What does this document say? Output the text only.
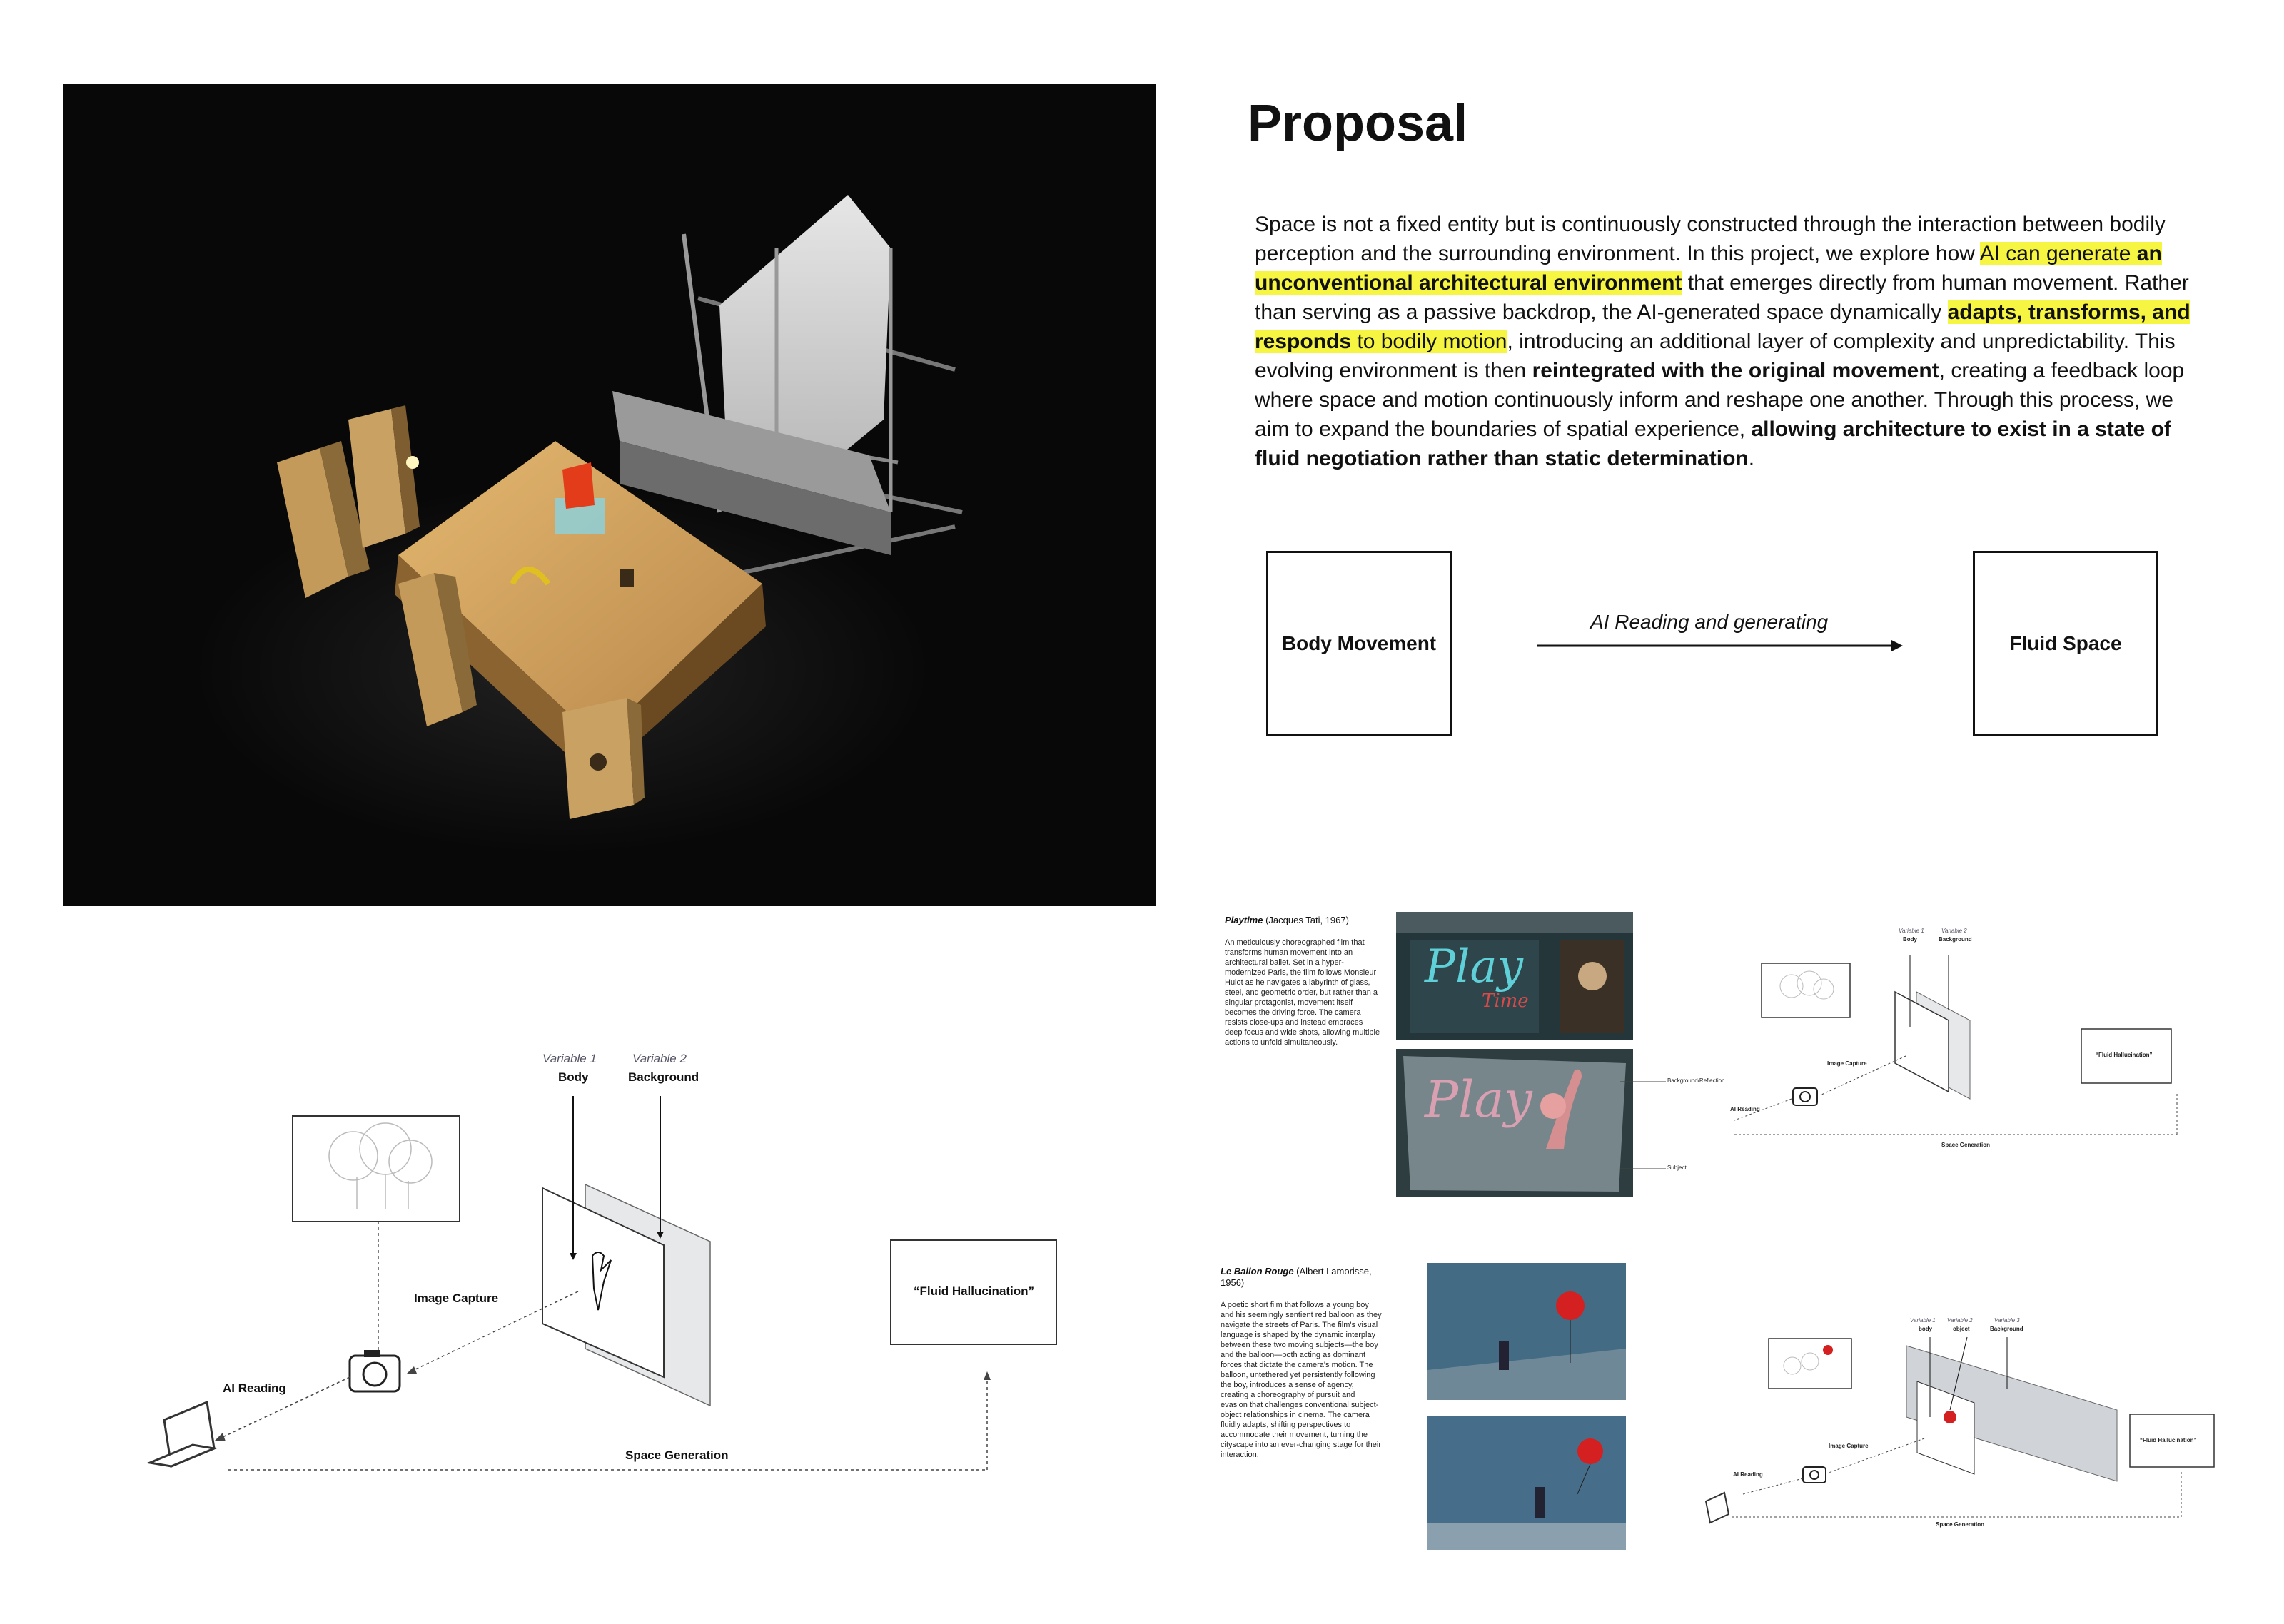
Proposal
Space is not a fixed entity but is continuously constructed through the interaction between bodily perception and the surrounding environment. In this project, we explore how AI can generate an unconventional architectural environment that emerges directly from human movement. Rather than serving as a passive backdrop, the AI-generated space dynamically adapts, transforms, and responds to bodily motion, introducing an additional layer of complexity and unpredictability. This evolving environment is then reintegrated with the original movement, creating a feedback loop where space and motion continuously inform and reshape one another. Through this process, we aim to expand the boundaries of spatial experience, allowing architecture to exist in a state of fluid negotiation rather than static determination.
Body Movement
AI Reading and generating
Fluid Space
Variable 1
Body
Variable 2
Background
Image Capture
AI Reading
Space Generation
“Fluid Hallucination”
Playtime (Jacques Tati, 1967)
An meticulously choreographed film that transforms human movement into an architectural ballet. Set in a hyper-modernized Paris, the film follows Monsieur Hulot as he navigates a labyrinth of glass, steel, and geometric order, but rather than a singular protagonist, movement itself becomes the driving force. The camera resists close-ups and instead embraces deep focus and wide shots, allowing multiple actions to unfold simultaneously.
Play
Time
Play	Background/Reflection
Subject
Variable 1
Body
Variable 2
Background
Image Capture
AI Reading
Space Generation
“Fluid Hallucination”
Le Ballon Rouge (Albert Lamorisse, 1956)
A poetic short film that follows a young boy and his seemingly sentient red balloon as they navigate the streets of Paris. The film's visual language is shaped by the dynamic interplay between these two moving subjects—the boy and the balloon—both acting as dominant forces that dictate the camera's motion. The balloon, untethered yet persistently following the boy, introduces a sense of agency, creating a choreography of pursuit and evasion that challenges conventional subject-object relationships in cinema. The camera fluidly adapts, shifting perspectives to accommodate their movement, turning the cityscape into an ever-changing stage for their interaction.
Variable 1
body
Variable 2
object
Variable 3
Background
Image Capture
AI Reading
Space Generation
“Fluid Hallucination”
